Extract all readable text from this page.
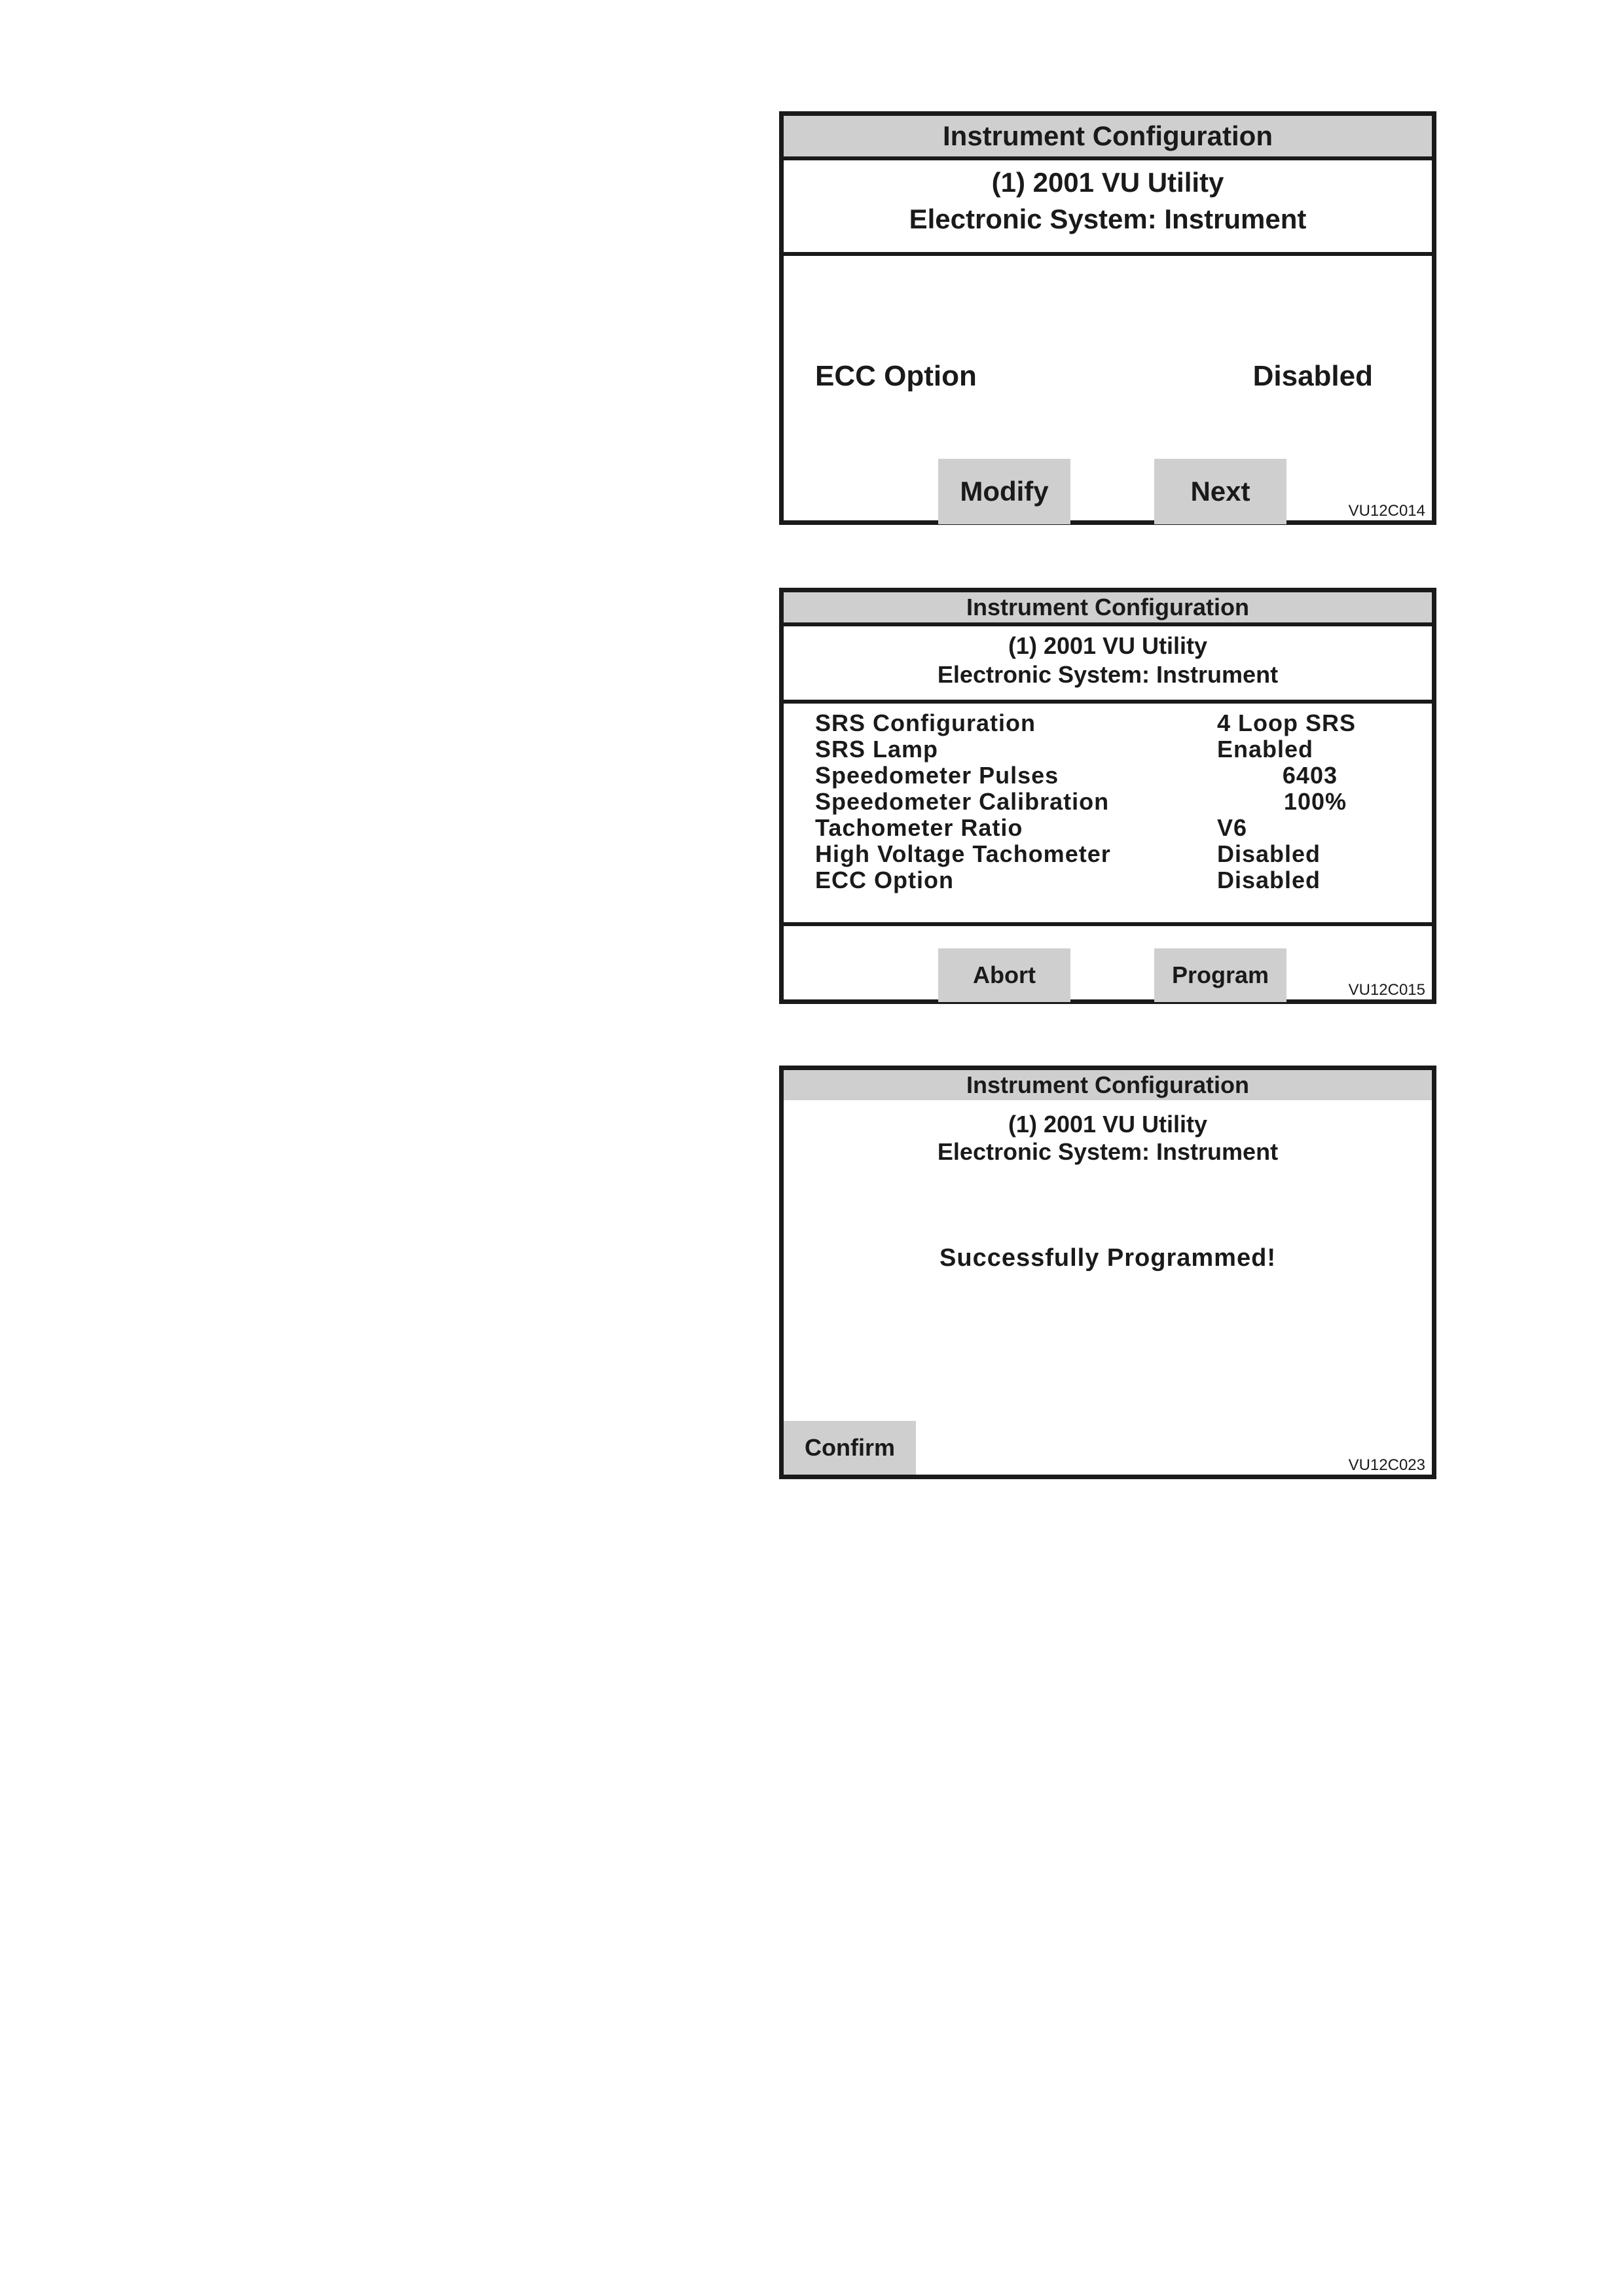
Instrument Configuration
(1) 2001 VU Utility
Electronic System: Instrument
ECC Option	Disabled
Modify	Next
VU12C014
Instrument Configuration
(1) 2001 VU Utility
Electronic System: Instrument
SRS Configuration	4 Loop SRS
SRS Lamp	Enabled
Speedometer Pulses	6403
Speedometer Calibration	100%
Tachometer Ratio	V6
High Voltage Tachometer	Disabled
ECC Option	Disabled
Abort	Program
VU12C015
Instrument Configuration
(1) 2001 VU Utility
Electronic System: Instrument
Successfully Programmed!
Confirm
VU12C023
